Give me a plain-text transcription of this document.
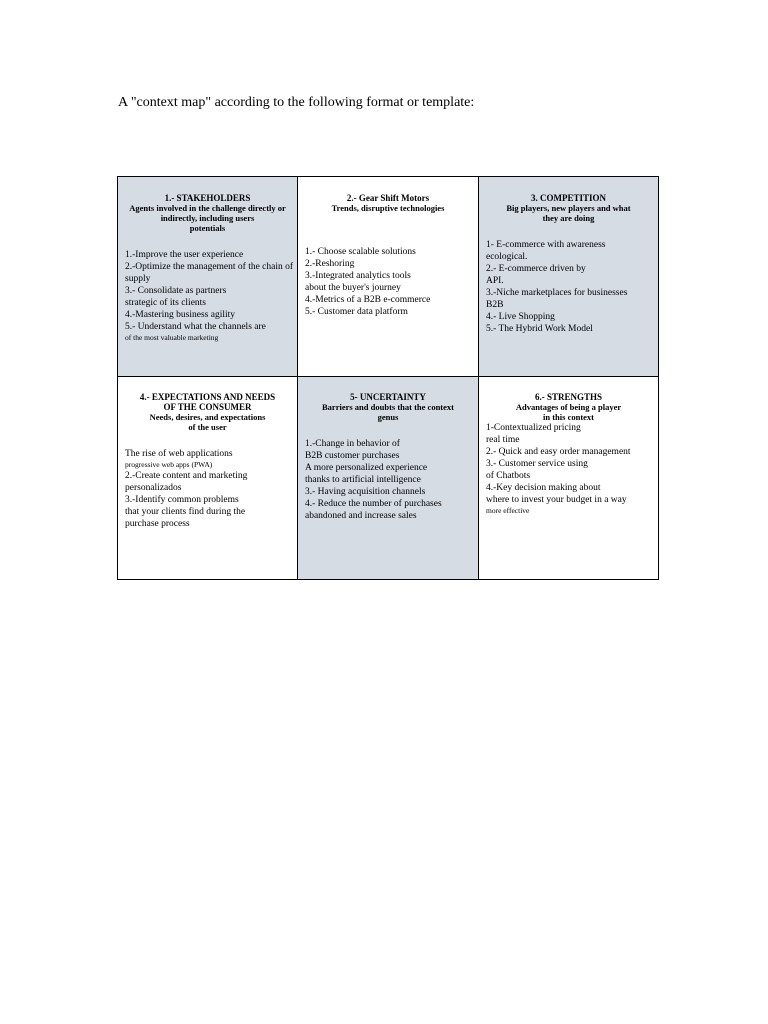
A "context map" according to the following format or template:
1.- STAKEHOLDERS
Agents involved in the challenge directly or
indirectly, including users
potentials
1.-Improve the user experience
2.-Optimize the management of the chain of
supply
3.- Consolidate as partners
strategic of its clients
4.-Mastering business agility
5.- Understand what the channels are
of the most valuable marketing
2.- Gear Shift Motors
Trends, disruptive technologies
1.- Choose scalable solutions
2.-Reshoring
3.-Integrated analytics tools
about the buyer's journey
4.-Metrics of a B2B e-commerce
5.- Customer data platform
3. COMPETITION
Big players, new players and what
they are doing
1- E-commerce with awareness
ecological.
2.- E-commerce driven by
API.
3.-Niche marketplaces for businesses
B2B
4.- Live Shopping
5.- The Hybrid Work Model
4.- EXPECTATIONS AND NEEDS
OF THE CONSUMER
Needs, desires, and expectations
of the user
The rise of web applications
progressive web apps (PWA)
2.-Create content and marketing
personalizados
3.-Identify common problems
that your clients find during the
purchase process
5- UNCERTAINTY
Barriers and doubts that the context
genus
1.-Change in behavior of
B2B customer purchases
A more personalized experience
thanks to artificial intelligence
3.- Having acquisition channels
4.- Reduce the number of purchases
abandoned and increase sales
6.- STRENGTHS
Advantages of being a player
in this context
1-Contextualized pricing
real time
2.- Quick and easy order management
3.- Customer service using
of Chatbots
4.-Key decision making about
where to invest your budget in a way
more effective
